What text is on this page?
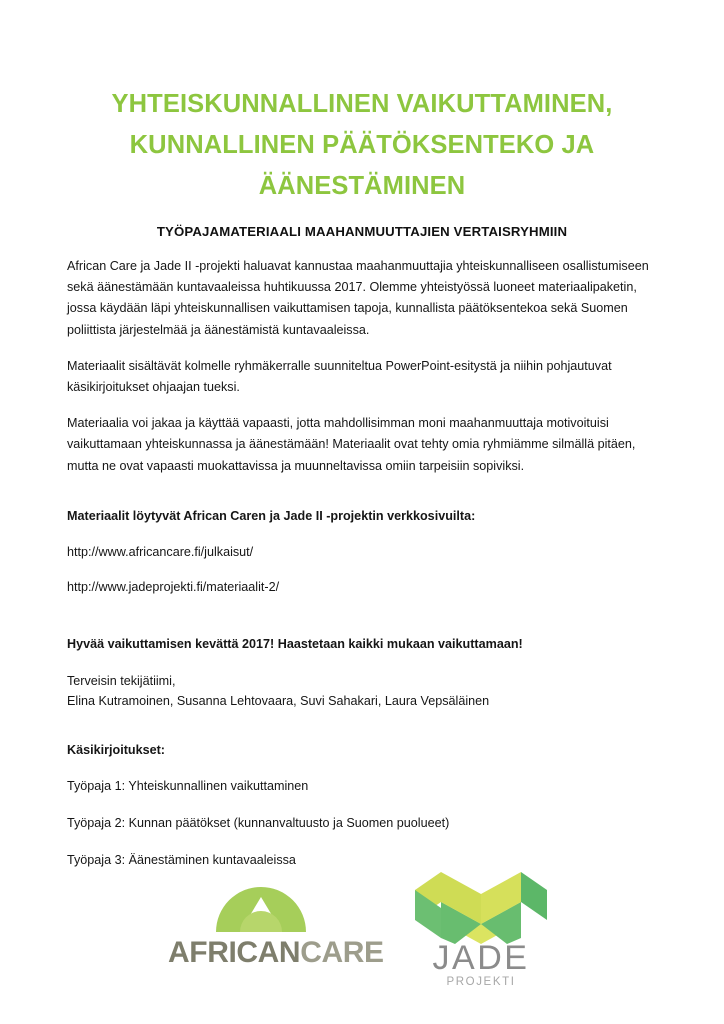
YHTEISKUNNALLINEN VAIKUTTAMINEN,
KUNNALLINEN PÄÄTÖKSENTEKO JA
ÄÄNESTÄMINEN
TYÖPAJAMATERIAALI MAAHANMUUTTAJIEN VERTAISRYHMIIN

African Care ja Jade II -projekti haluavat kannustaa maahanmuuttajia yhteiskunnalliseen osallistumiseen sekä äänestämään kuntavaaleissa huhtikuussa 2017. Olemme yhteistyössä luoneet materiaalipaketin, jossa käydään läpi yhteiskunnallisen vaikuttamisen tapoja, kunnallista päätöksentekoa sekä Suomen poliittista järjestelmää ja äänestämistä kuntavaaleissa.

Materiaalit sisältävät kolmelle ryhmäkerralle suunniteltua PowerPoint-esitystä ja niihin pohjautuvat käsikirjoitukset ohjaajan tueksi.

Materiaalia voi jakaa ja käyttää vapaasti, jotta mahdollisimman moni maahanmuuttaja motivoituisi vaikuttamaan yhteiskunnassa ja äänestämään! Materiaalit ovat tehty omia ryhmiämme silmällä pitäen, mutta ne ovat vapaasti muokattavissa ja muunneltavissa omiin tarpeisiin sopiviksi.

Materiaalit löytyvät African Caren ja Jade II -projektin verkkosivuilta:

http://www.africancare.fi/julkaisut/

http://www.jadeprojekti.fi/materiaalit-2/

Hyvää vaikuttamisen kevättä 2017! Haastetaan kaikki mukaan vaikuttamaan!

Terveisin tekijätiimi,

Elina Kutramoinen, Susanna Lehtovaara, Suvi Sahakari, Laura Vepsäläinen

Käsikirjoitukset:

Työpaja 1: Yhteiskunnallinen vaikuttaminen

Työpaja 2: Kunnan päätökset (kunnanvaltuusto ja Suomen puolueet)

Työpaja 3: Äänestäminen kuntavaaleissa

AFRICANCARE	JADE
PROJEKTI
